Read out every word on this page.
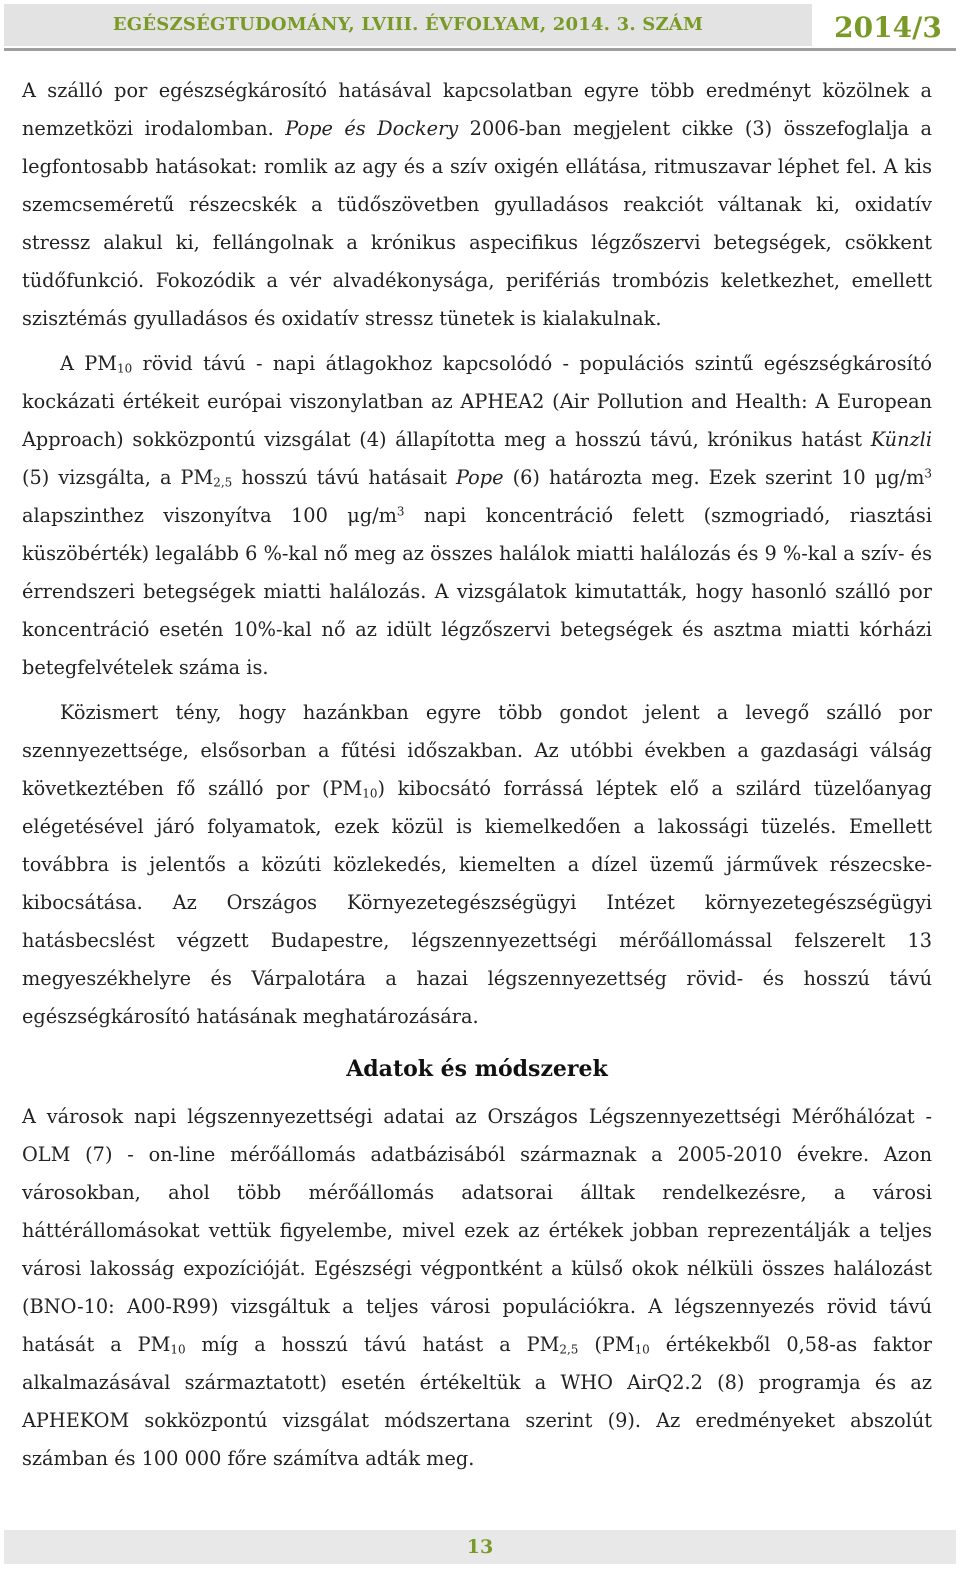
EGÉSZSÉGTUDOMÁNY, LVIII. ÉVFOLYAM, 2014. 3. SZÁM	2014/3

A szálló por egészségkárosító hatásával kapcsolatban egyre több eredményt közölnek a nemzetközi irodalomban. Pope és Dockery 2006-ban megjelent cikke (3) összefoglalja a legfontosabb hatásokat: romlik az agy és a szív oxigén ellátása, ritmuszavar léphet fel. A kis szemcseméretű részecskék a tüdőszövetben gyulladásos reakciót váltanak ki, oxidatív stressz alakul ki, fellángolnak a krónikus aspecifikus légzőszervi betegségek, csökkent tüdőfunkció. Fokozódik a vér alvadékonysága, perifériás trombózis keletkezhet, emellett szisztémás gyulladásos és oxidatív stressz tünetek is kialakulnak.

A $PM_{10}$ rövid távú - napi átlagokhoz kapcsolódó - populációs szintű egészségkárosító kockázati értékeit európai viszonylatban az APHEA2 (Air Pollution and Health: A European Approach) sokközpontú vizsgálat (4) állapította meg a hosszú távú, krónikus hatást Künzli (5) vizsgálta, a $PM_{2,5}$ hosszú távú hatásait Pope (6) határozta meg. Ezek szerint 10 $\mu g/m^3$ alapszinthez viszonyítva 100 $\mu g/m^3$ napi koncentráció felett (szmogriadó, riasztási küszöbérték) legalább 6 %-kal nő meg az összes halálok miatti halálozás és 9 %-kal a szív- és érrendszeri betegségek miatti halálozás. A vizsgálatok kimutatták, hogy hasonló szálló por koncentráció esetén 10%-kal nő az idült légzőszervi betegségek és asztma miatti kórházi betegfelvételek száma is.

Közismert tény, hogy hazánkban egyre több gondot jelent a levegő szálló por szennyezettsége, elsősorban a fűtési időszakban. Az utóbbi években a gazdasági válság következtében fő szálló por $(PM_{10})$ kibocsátó forrássá léptek elő a szilárd tüzelőanyag elégetésével járó folyamatok, ezek közül is kiemelkedően a lakossági tüzelés. Emellett továbbra is jelentős a közúti közlekedés, kiemelten a dízel üzemű járművek részecske-kibocsátása. Az Országos Környezetegészségügyi Intézet környezetegészségügyi hatásbecslést végzett Budapestre, légszennyezettségi mérőállomással felszerelt 13 megyeszékhelyre és Várpalotára a hazai légszennyezettség rövid- és hosszú távú egészségkárosító hatásának meghatározására.

Adatok és módszerek

A városok napi légszennyezettségi adatai az Országos Légszennyezettségi Mérőhálózat - OLM (7) - on-line mérőállomás adatbázisából származnak a 2005-2010 évekre. Azon városokban, ahol több mérőállomás adatsorai álltak rendelkezésre, a városi háttérállomásokat vettük figyelembe, mivel ezek az értékek jobban reprezentálják a teljes városi lakosság expozícióját. Egészségi végpontként a külső okok nélküli összes halálozást (BNO-10: A00-R99) vizsgáltuk a teljes városi populációkra. A légszennyezés rövid távú hatását a $PM_{10}$ míg a hosszú távú hatást a $PM_{2,5}$ ($PM_{10}$ értékekből 0,58-as faktor alkalmazásával származtatott) esetén értékeltük a WHO AirQ2.2 (8) programja és az APHEKOM sokközpontú vizsgálat módszertana szerint (9). Az eredményeket abszolút számban és 100 000 főre számítva adták meg.

13
